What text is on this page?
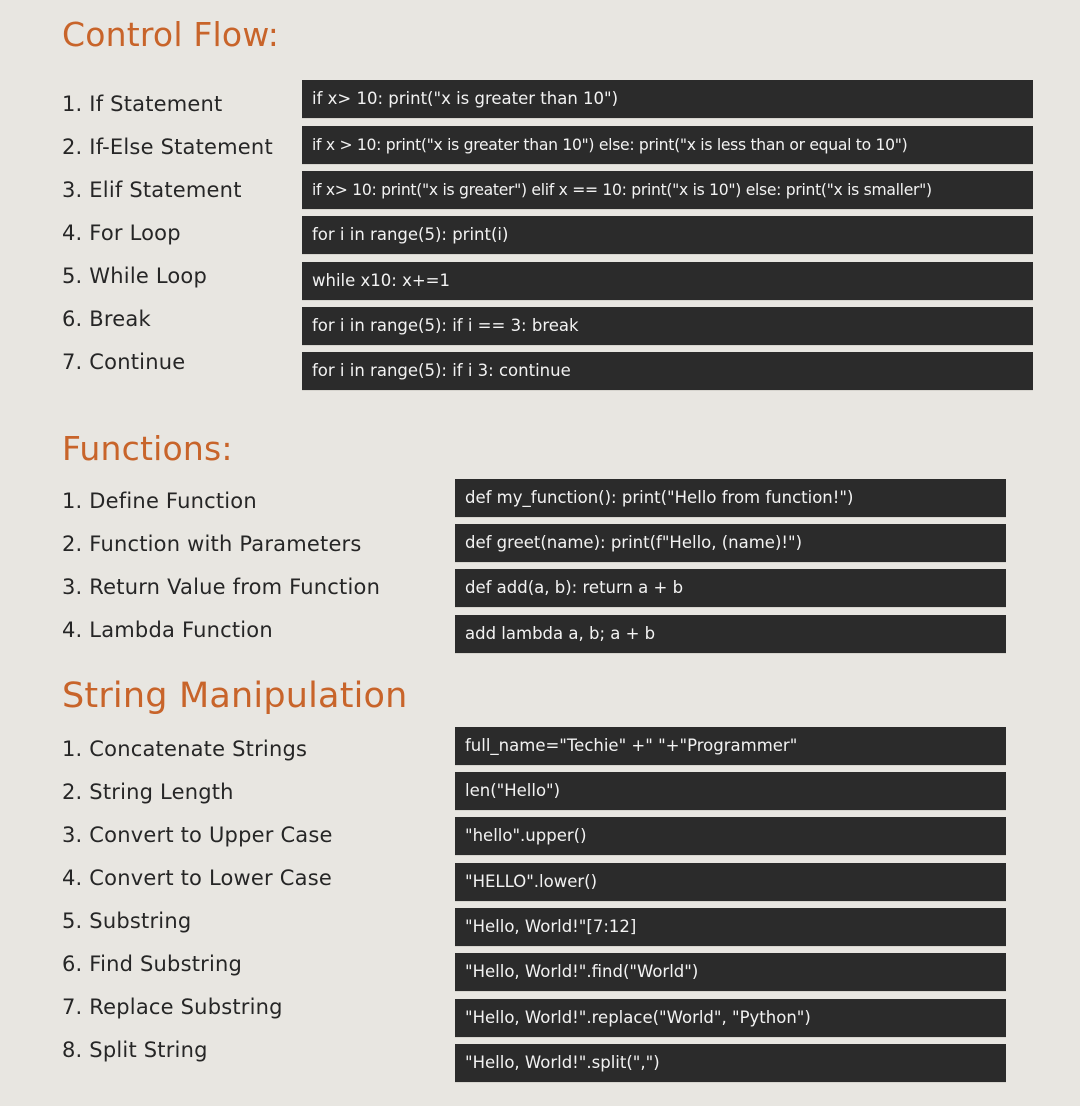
Control Flow:
1. If Statement
2. If-Else Statement
3. Elif Statement
4. For Loop
5. While Loop
6. Break
7. Continue
if x> 10: print("x is greater than 10")
if x > 10: print("x is greater than 10") else: print("x is less than or equal to 10")
if x> 10: print("x is greater") elif x == 10: print("x is 10") else: print("x is smaller")
for i in range(5): print(i)
while x10: x+=1
for i in range(5): if i == 3: break
for i in range(5): if i 3: continue
Functions:
1. Define Function
2. Function with Parameters
3. Return Value from Function
4. Lambda Function
def my_function(): print("Hello from function!")
def greet(name): print(f"Hello, (name)!")
def add(a, b): return a + b
add lambda a, b; a + b
String Manipulation
1. Concatenate Strings
2. String Length
3. Convert to Upper Case
4. Convert to Lower Case
5. Substring
6. Find Substring
7. Replace Substring
8. Split String
full_name="Techie" +" "+"Programmer"
len("Hello")
"hello".upper()
"HELLO".lower()
"Hello, World!"[7:12]
"Hello, World!".find("World")
"Hello, World!".replace("World", "Python")
"Hello, World!".split(",")
